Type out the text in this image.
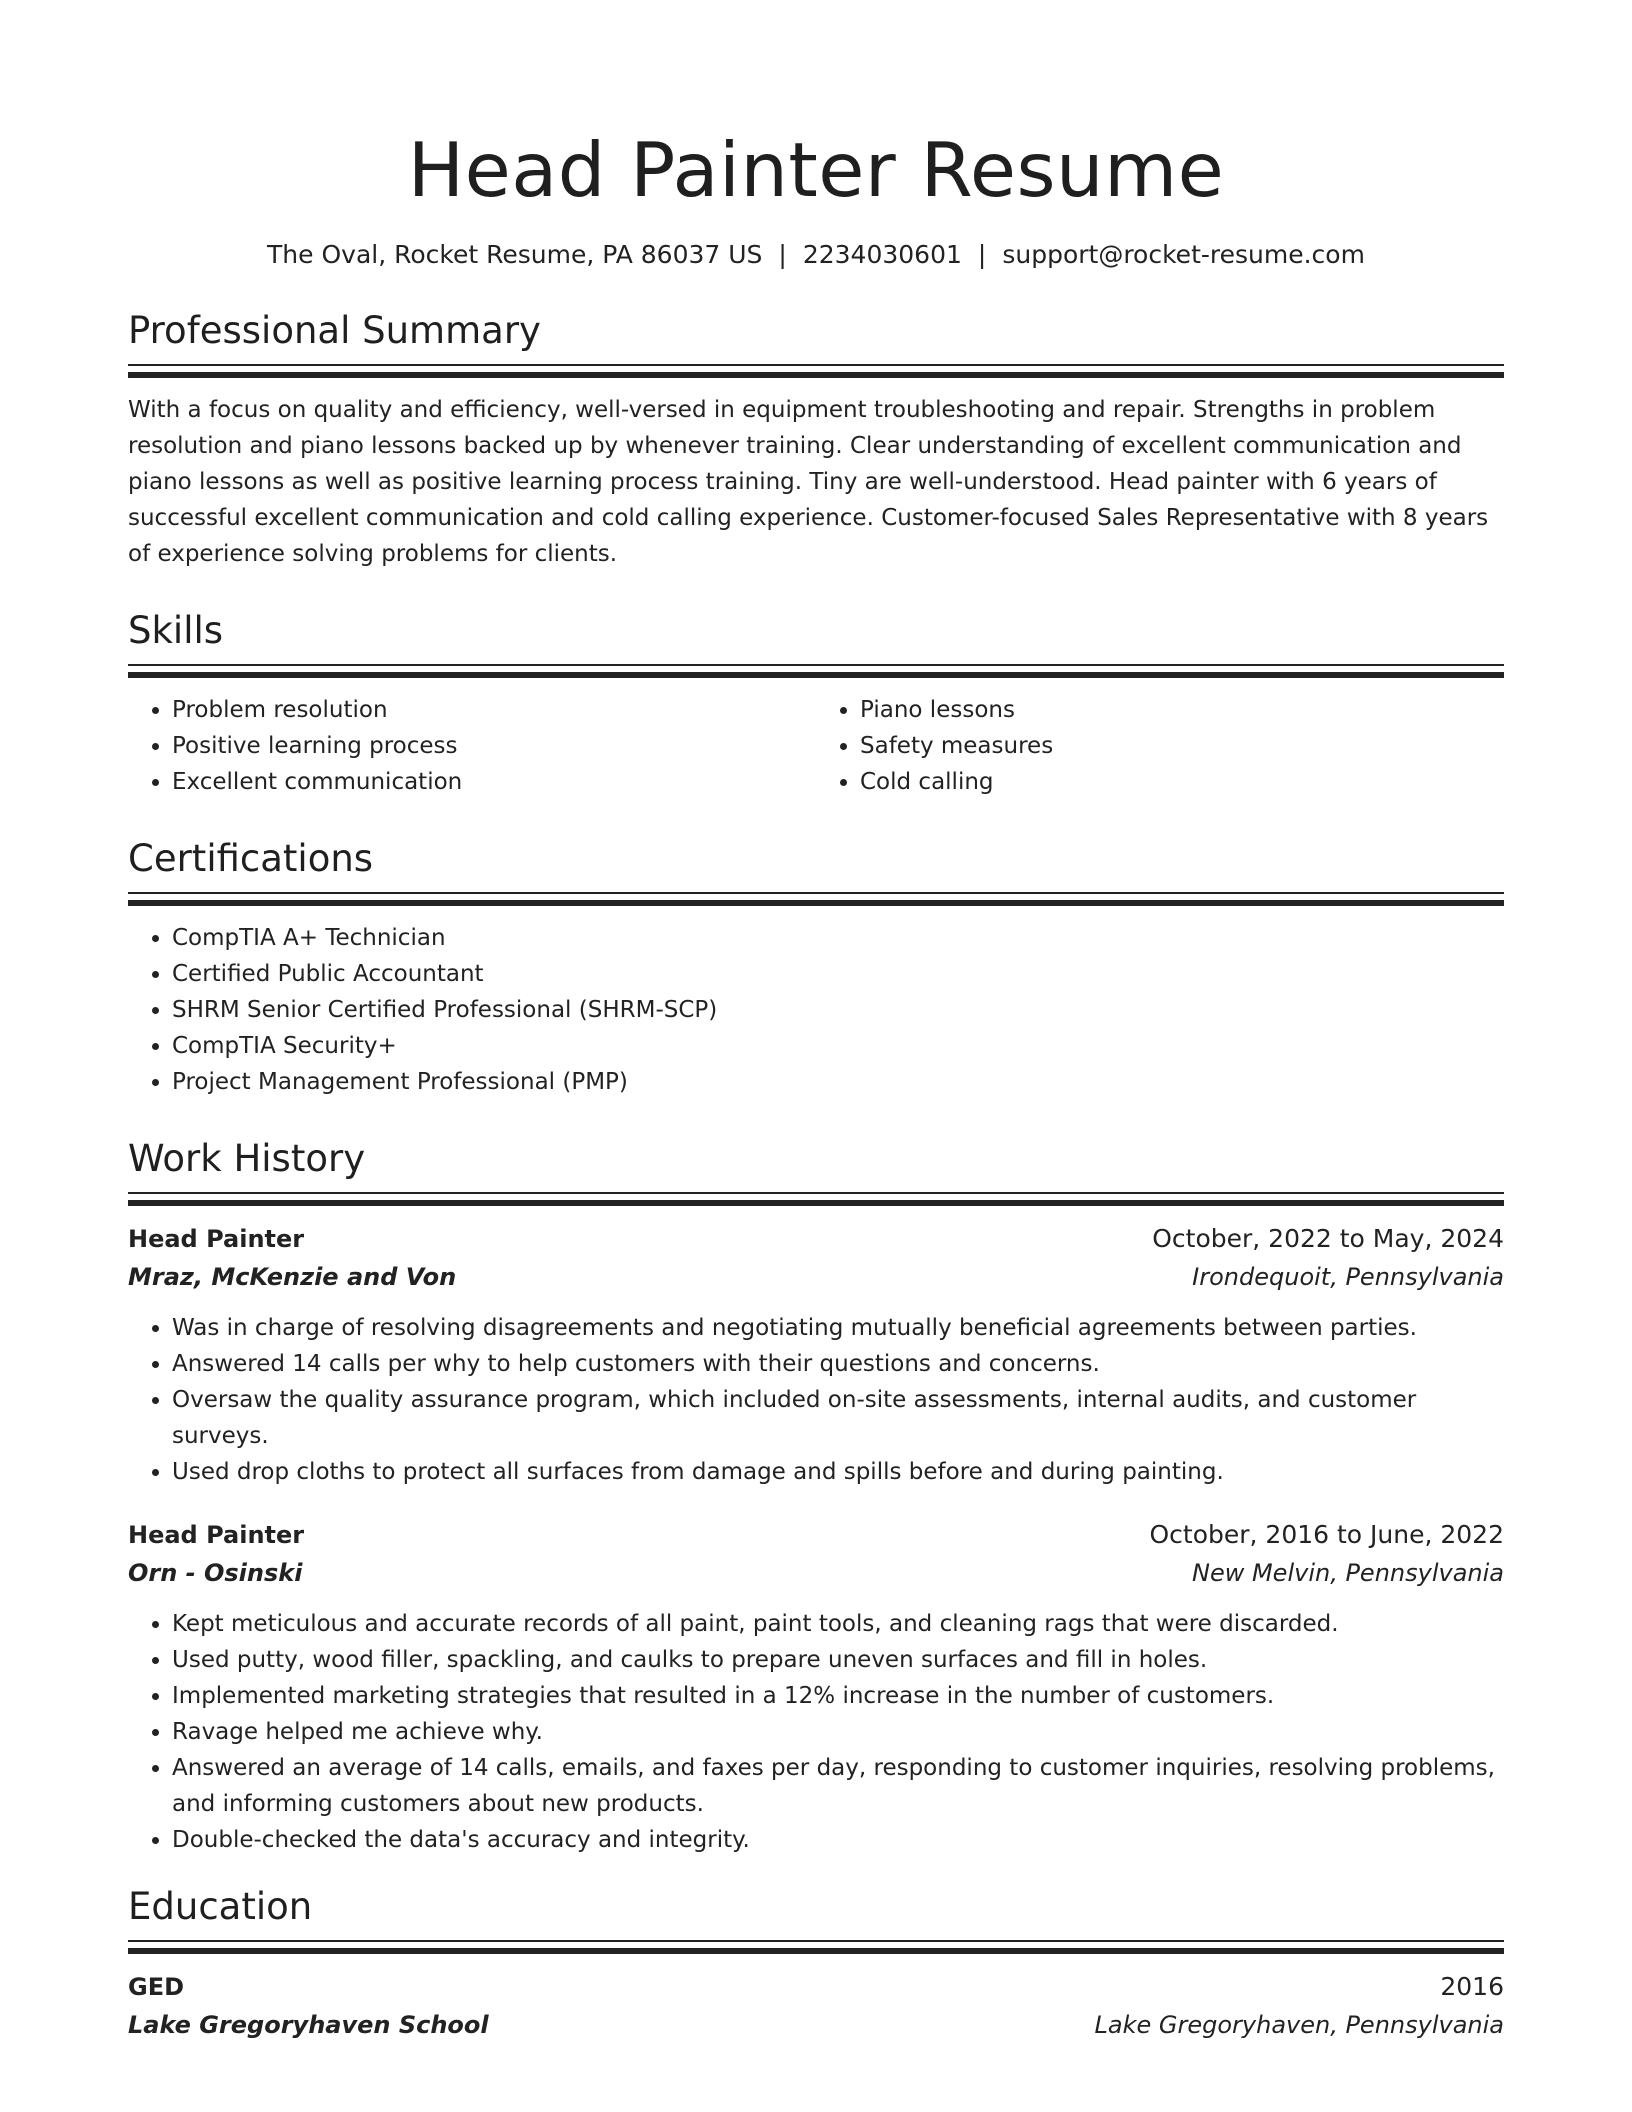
Head Painter Resume
The Oval, Rocket Resume, PA 86037 US | 2234030601 | support@rocket-resume.com
Professional Summary

With a focus on quality and efficiency, well-versed in equipment troubleshooting and repair. Strengths in problem resolution and piano lessons backed up by whenever training. Clear understanding of excellent communication and piano lessons as well as positive learning process training. Tiny are well-understood. Head painter with 6 years of successful excellent communication and cold calling experience. Customer-focused Sales Representative with 8 years of experience solving problems for clients.

Skills
• Problem resolution
• Positive learning process
• Excellent communication
• Piano lessons
• Safety measures
• Cold calling
Certifications
• CompTIA A+ Technician
• Certified Public Accountant
• SHRM Senior Certified Professional (SHRM-SCP)
• CompTIA Security+
• Project Management Professional (PMP)
Work History
Head Painter	October, 2022 to May, 2024
Mraz, McKenzie and Von	Irondequoit, Pennsylvania
• Was in charge of resolving disagreements and negotiating mutually beneficial agreements between parties.
• Answered 14 calls per why to help customers with their questions and concerns.
• Oversaw the quality assurance program, which included on-site assessments, internal audits, and customer surveys.
• Used drop cloths to protect all surfaces from damage and spills before and during painting.
Head Painter	October, 2016 to June, 2022
Orn - Osinski	New Melvin, Pennsylvania
• Kept meticulous and accurate records of all paint, paint tools, and cleaning rags that were discarded.
• Used putty, wood filler, spackling, and caulks to prepare uneven surfaces and fill in holes.
• Implemented marketing strategies that resulted in a 12% increase in the number of customers.
• Ravage helped me achieve why.
• Answered an average of 14 calls, emails, and faxes per day, responding to customer inquiries, resolving problems, and informing customers about new products.
• Double-checked the data's accuracy and integrity.
Education
GED	2016
Lake Gregoryhaven School	Lake Gregoryhaven, Pennsylvania
